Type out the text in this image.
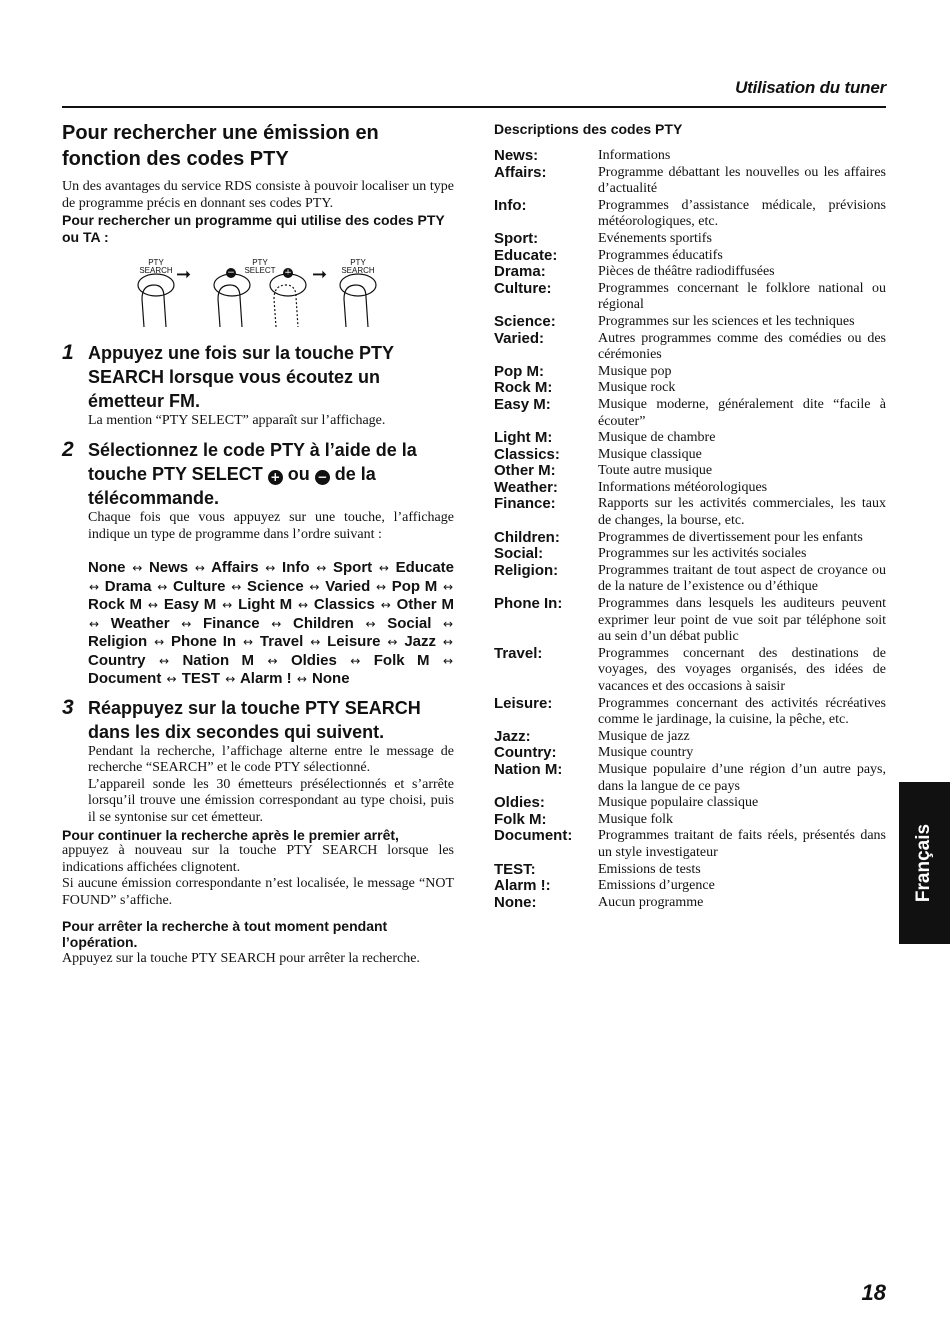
Utilisation du tuner
Pour rechercher une émission en fonction des codes PTY
Un des avantages du service RDS consiste à pouvoir localiser un type de programme précis en donnant ses codes PTY.
Pour rechercher un programme qui utilise des codes PTY ou TA :
PTY SEARCH ➞	−
PTY SELECT + ➞
PTY SEARCH
1 Appuyez une fois sur la touche PTY SEARCH lorsque vous écoutez un émetteur FM.
La mention “PTY SELECT” apparaît sur l’affichage.
2 Sélectionnez le code PTY à l’aide de la touche PTY SELECT + ou − de la télécommande.
Chaque fois que vous appuyez sur une touche, l’affichage indique un type de programme dans l’ordre suivant :
None ↔ News ↔ Affairs ↔ Info ↔ Sport ↔ Educate ↔ Drama ↔ Culture ↔ Science ↔ Varied ↔ Pop M ↔ Rock M ↔ Easy M ↔ Light M ↔ Classics ↔ Other M ↔ Weather ↔ Finance ↔ Children ↔ Social ↔ Religion ↔ Phone In ↔ Travel ↔ Leisure ↔ Jazz ↔ Country ↔ Nation M ↔ Oldies ↔ Folk M ↔ Document ↔ TEST ↔ Alarm ! ↔ None
3 Réappuyez sur la touche PTY SEARCH dans les dix secondes qui suivent.
Pendant la recherche, l’affichage alterne entre le message de recherche “SEARCH” et le code PTY sélectionné.
L’appareil sonde les 30 émetteurs présélectionnés et s’arrête lorsqu’il trouve une émission correspondant au type choisi, puis il se syntonise sur cet émetteur.
Pour continuer la recherche après le premier arrêt,
appuyez à nouveau sur la touche PTY SEARCH lorsque les indications affichées clignotent.
Si aucune émission correspondante n’est localisée, le message “NOT FOUND” s’affiche.
Pour arrêter la recherche à tout moment pendant l’opération.
Appuyez sur la touche PTY SEARCH pour arrêter la recherche.
Descriptions des codes PTY
News:	Informations
Affairs:	Programme débattant les nouvelles ou les affaires d’actualité
Info:	Programmes d’assistance médicale, prévisions météorologiques, etc.
Sport:	Evénements sportifs
Educate:	Programmes éducatifs
Drama:	Pièces de théâtre radiodiffusées
Culture:	Programmes concernant le folklore national ou régional
Science:	Programmes sur les sciences et les techniques
Varied:	Autres programmes comme des comédies ou des cérémonies
Pop M:	Musique pop
Rock M:	Musique rock
Easy M:	Musique moderne, généralement dite “facile à écouter”
Light M:	Musique de chambre
Classics:	Musique classique
Other M:	Toute autre musique
Weather:	Informations météorologiques
Finance:	Rapports sur les activités commerciales, les taux de changes, la bourse, etc.
Children:	Programmes de divertissement pour les enfants
Social:	Programmes sur les activités sociales
Religion:	Programmes traitant de tout aspect de croyance ou de la nature de l’existence ou d’éthique
Phone In:	Programmes dans lesquels les auditeurs peuvent exprimer leur point de vue soit par téléphone soit au sein d’un débat public
Travel:	Programmes concernant des destinations de voyages, des voyages organisés, des idées de vacances et des occasions à saisir
Leisure:	Programmes concernant des activités récréatives comme le jardinage, la cuisine, la pêche, etc.
Jazz:	Musique de jazz
Country:	Musique country
Nation M:	Musique populaire d’une région d’un autre pays, dans la langue de ce pays
Oldies:	Musique populaire classique
Folk M:	Musique folk
Document:	Programmes traitant de faits réels, présentés dans un style investigateur
TEST:	Emissions de tests
Alarm !:	Emissions d’urgence
None:	Aucun programme
Français
18
